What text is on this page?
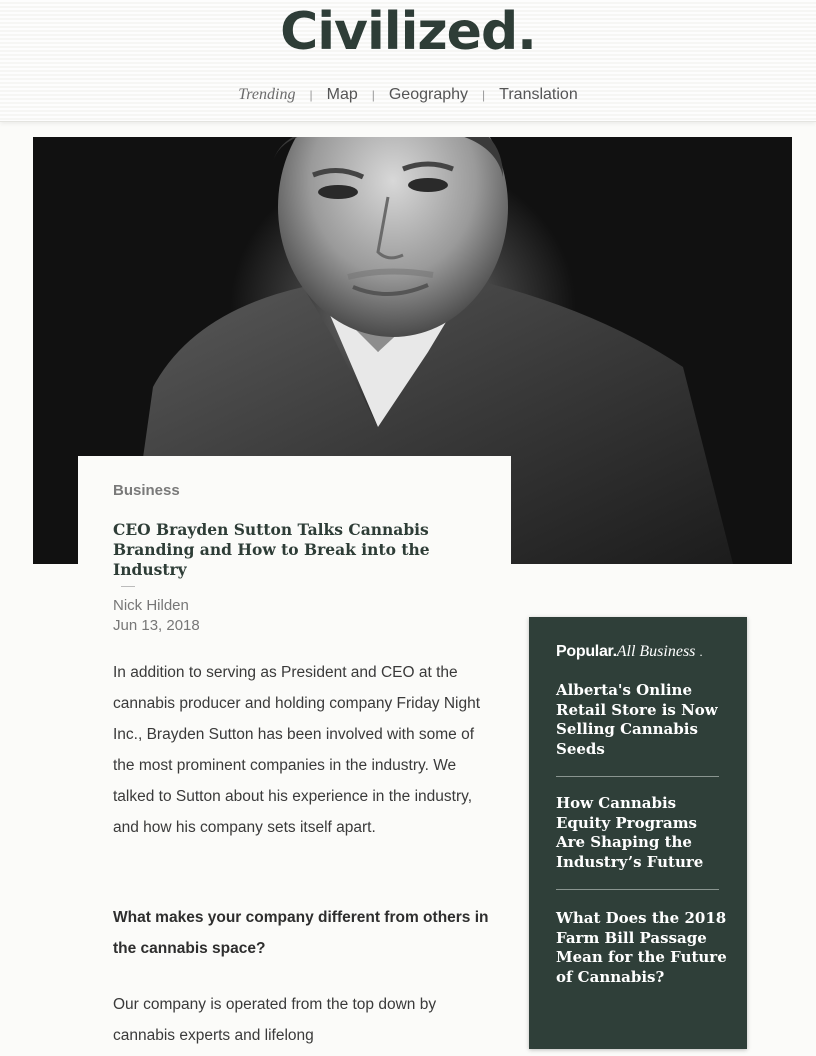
Civilized.
Trending | Map | Geography | Translation
Business
CEO Brayden Sutton Talks Cannabis Branding and How to Break into the Industry
Nick Hilden
Jun 13, 2018

In addition to serving as President and CEO at the cannabis producer and holding company Friday Night Inc., Brayden Sutton has been involved with some of the most prominent companies in the industry. We talked to Sutton about his experience in the industry, and how his company sets itself apart.

What makes your company different from others in the cannabis space?

Our company is operated from the top down by cannabis experts and lifelong

Popular.All Business .
Alberta's Online Retail Store is Now Selling Cannabis Seeds
How Cannabis Equity Programs Are Shaping the Industry’s Future
What Does the 2018 Farm Bill Passage Mean for the Future of Cannabis?
